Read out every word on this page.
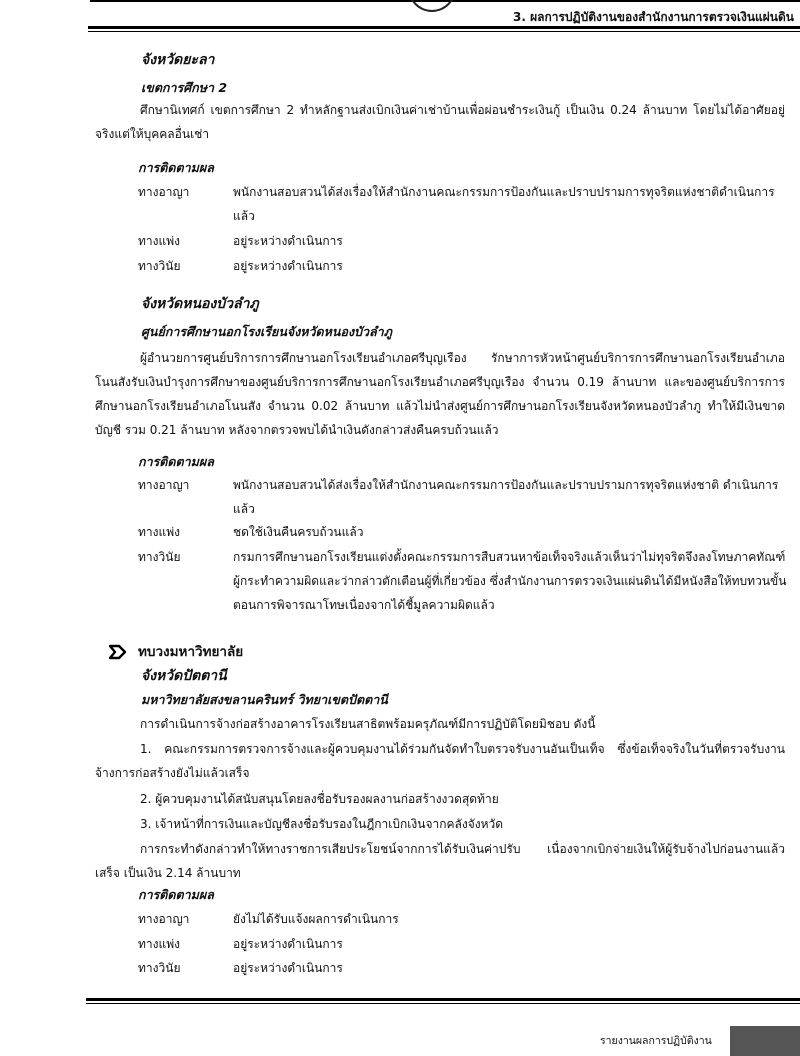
3. ผลการปฏิบัติงานของสำนักงานการตรวจเงินแผ่นดิน
จังหวัดยะลา
เขตการศึกษา 2
ศึกษานิเทศก์ เขตการศึกษา 2 ทำหลักฐานส่งเบิกเงินค่าเช่าบ้านเพื่อผ่อนชำระเงินกู้ เป็นเงิน 0.24 ล้านบาท โดยไม่ได้อาศัยอยู่จริงแต่ให้บุคคลอื่นเช่า
การติดตามผล
ทางอาญา	พนักงานสอบสวนได้ส่งเรื่องให้สำนักงานคณะกรรมการป้องกันและปราบปรามการทุจริตแห่งชาติดำเนินการแล้ว
ทางแพ่ง	อยู่ระหว่างดำเนินการ
ทางวินัย	อยู่ระหว่างดำเนินการ
จังหวัดหนองบัวลำภู
ศูนย์การศึกษานอกโรงเรียนจังหวัดหนองบัวลำภู
ผู้อำนวยการศูนย์บริการการศึกษานอกโรงเรียนอำเภอศรีบุญเรือง รักษาการหัวหน้าศูนย์บริการการศึกษานอกโรงเรียนอำเภอโนนสังรับเงินบำรุงการศึกษาของศูนย์บริการการศึกษานอกโรงเรียนอำเภอศรีบุญเรือง จำนวน 0.19 ล้านบาท และของศูนย์บริการการศึกษานอกโรงเรียนอำเภอโนนสัง จำนวน 0.02 ล้านบาท แล้วไม่นำส่งศูนย์การศึกษานอกโรงเรียนจังหวัดหนองบัวลำภู ทำให้มีเงินขาดบัญชี รวม 0.21 ล้านบาท หลังจากตรวจพบได้นำเงินดังกล่าวส่งคืนครบถ้วนแล้ว
การติดตามผล
ทางอาญา	พนักงานสอบสวนได้ส่งเรื่องให้สำนักงานคณะกรรมการป้องกันและปราบปรามการทุจริตแห่งชาติ ดำเนินการแล้ว
ทางแพ่ง	ชดใช้เงินคืนครบถ้วนแล้ว
ทางวินัย	กรมการศึกษานอกโรงเรียนแต่งตั้งคณะกรรมการสืบสวนหาข้อเท็จจริงแล้วเห็นว่าไม่ทุจริตจึงลงโทษภาคทัณฑ์ผู้กระทำความผิดและว่ากล่าวตักเตือนผู้ที่เกี่ยวข้อง ซึ่งสำนักงานการตรวจเงินแผ่นดินได้มีหนังสือให้ทบทวนขั้นตอนการพิจารณาโทษเนื่องจากได้ชี้มูลความผิดแล้ว
ทบวงมหาวิทยาลัย
จังหวัดปัตตานี
มหาวิทยาลัยสงขลานครินทร์ วิทยาเขตปัตตานี
การดำเนินการจ้างก่อสร้างอาคารโรงเรียนสาธิตพร้อมครุภัณฑ์มีการปฏิบัติโดยมิชอบ ดังนี้
1. คณะกรรมการตรวจการจ้างและผู้ควบคุมงานได้ร่วมกันจัดทำใบตรวจรับงานอันเป็นเท็จ ซึ่งข้อเท็จจริงในวันที่ตรวจรับงานจ้างการก่อสร้างยังไม่แล้วเสร็จ
2. ผู้ควบคุมงานได้สนับสนุนโดยลงชื่อรับรองผลงานก่อสร้างงวดสุดท้าย
3. เจ้าหน้าที่การเงินและบัญชีลงชื่อรับรองในฎีกาเบิกเงินจากคลังจังหวัด
การกระทำดังกล่าวทำให้ทางราชการเสียประโยชน์จากการได้รับเงินค่าปรับ เนื่องจากเบิกจ่ายเงินให้ผู้รับจ้างไปก่อนงานแล้วเสร็จ เป็นเงิน 2.14 ล้านบาท
การติดตามผล
ทางอาญา	ยังไม่ได้รับแจ้งผลการดำเนินการ
ทางแพ่ง	อยู่ระหว่างดำเนินการ
ทางวินัย	อยู่ระหว่างดำเนินการ
รายงานผลการปฏิบัติงาน
